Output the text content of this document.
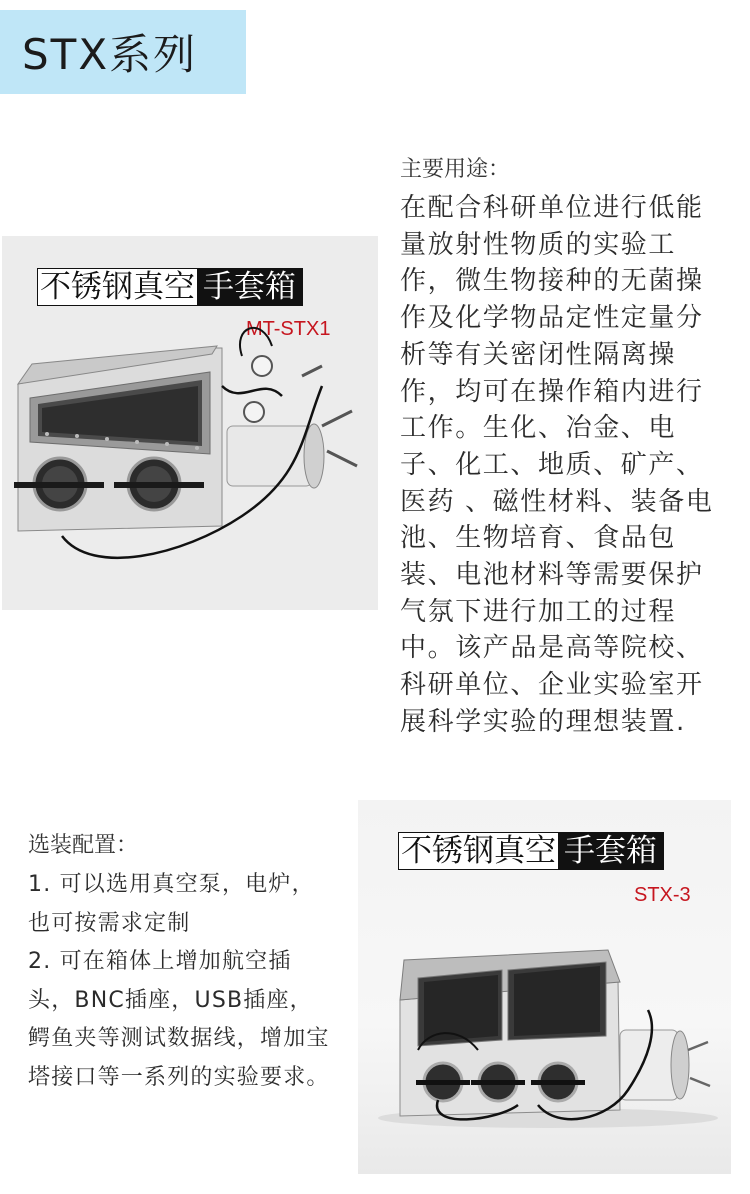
STX系列
不锈钢真空 手套箱
MT-STX1
主要用途：
在配合科研单位进行低能量放射性物质的实验工作，微生物接种的无菌操作及化学物品定性定量分析等有关密闭性隔离操作，均可在操作箱内进行工作。生化、冶金、电子、化工、地质、矿产、医药 、磁性材料、装备电池、生物培育、食品包装、电池材料等需要保护气氛下进行加工的过程中。该产品是高等院校、科研单位、企业实验室开展科学实验的理想装置.
选装配置：
1. 可以选用真空泵，电炉，也可按需求定制
2. 可在箱体上增加航空插头，BNC插座，USB插座，鳄鱼夹等测试数据线，增加宝塔接口等一系列的实验要求。
不锈钢真空 手套箱
STX-3
